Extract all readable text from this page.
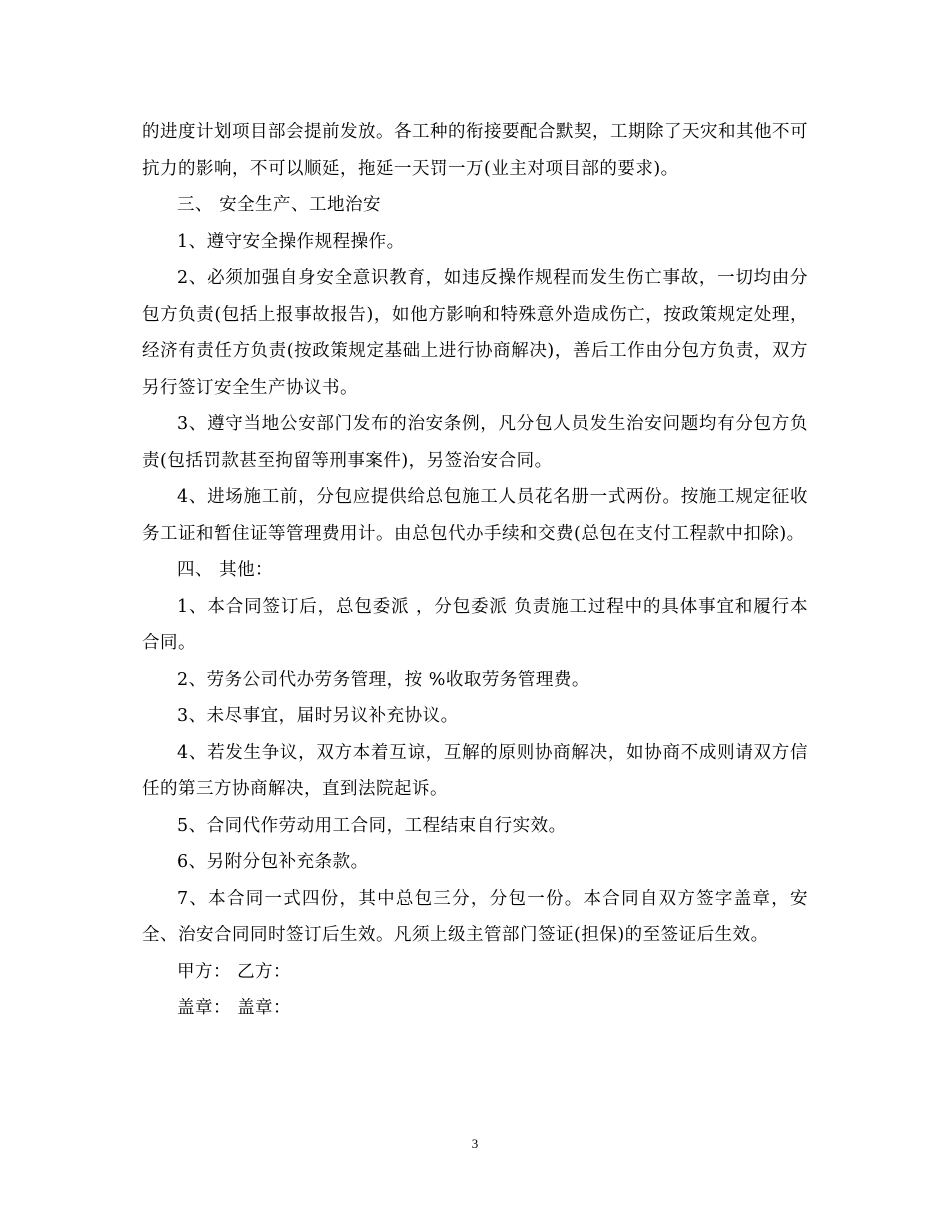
的进度计划项目部会提前发放。各工种的衔接要配合默契，工期除了天灾和其他不可抗力的影响，不可以顺延，拖延一天罚一万(业主对项目部的要求)。

三、 安全生产、工地治安

1、遵守安全操作规程操作。

2、必须加强自身安全意识教育，如违反操作规程而发生伤亡事故，一切均由分包方负责(包括上报事故报告)，如他方影响和特殊意外造成伤亡，按政策规定处理，经济有责任方负责(按政策规定基础上进行协商解决)，善后工作由分包方负责，双方另行签订安全生产协议书。

3、遵守当地公安部门发布的治安条例，凡分包人员发生治安问题均有分包方负责(包括罚款甚至拘留等刑事案件)，另签治安合同。

4、进场施工前，分包应提供给总包施工人员花名册一式两份。按施工规定征收务工证和暂住证等管理费用计。由总包代办手续和交费(总包在支付工程款中扣除)。

四、 其他：

1、本合同签订后，总包委派 ，分包委派 负责施工过程中的具体事宜和履行本合同。

2、劳务公司代办劳务管理，按 %收取劳务管理费。

3、未尽事宜，届时另议补充协议。

4、若发生争议，双方本着互谅，互解的原则协商解决，如协商不成则请双方信任的第三方协商解决，直到法院起诉。

5、合同代作劳动用工合同，工程结束自行实效。

6、另附分包补充条款。

7、本合同一式四份，其中总包三分，分包一份。本合同自双方签字盖章，安全、治安合同同时签订后生效。凡须上级主管部门签证(担保)的至签证后生效。

甲方： 乙方：

盖章： 盖章：

3
